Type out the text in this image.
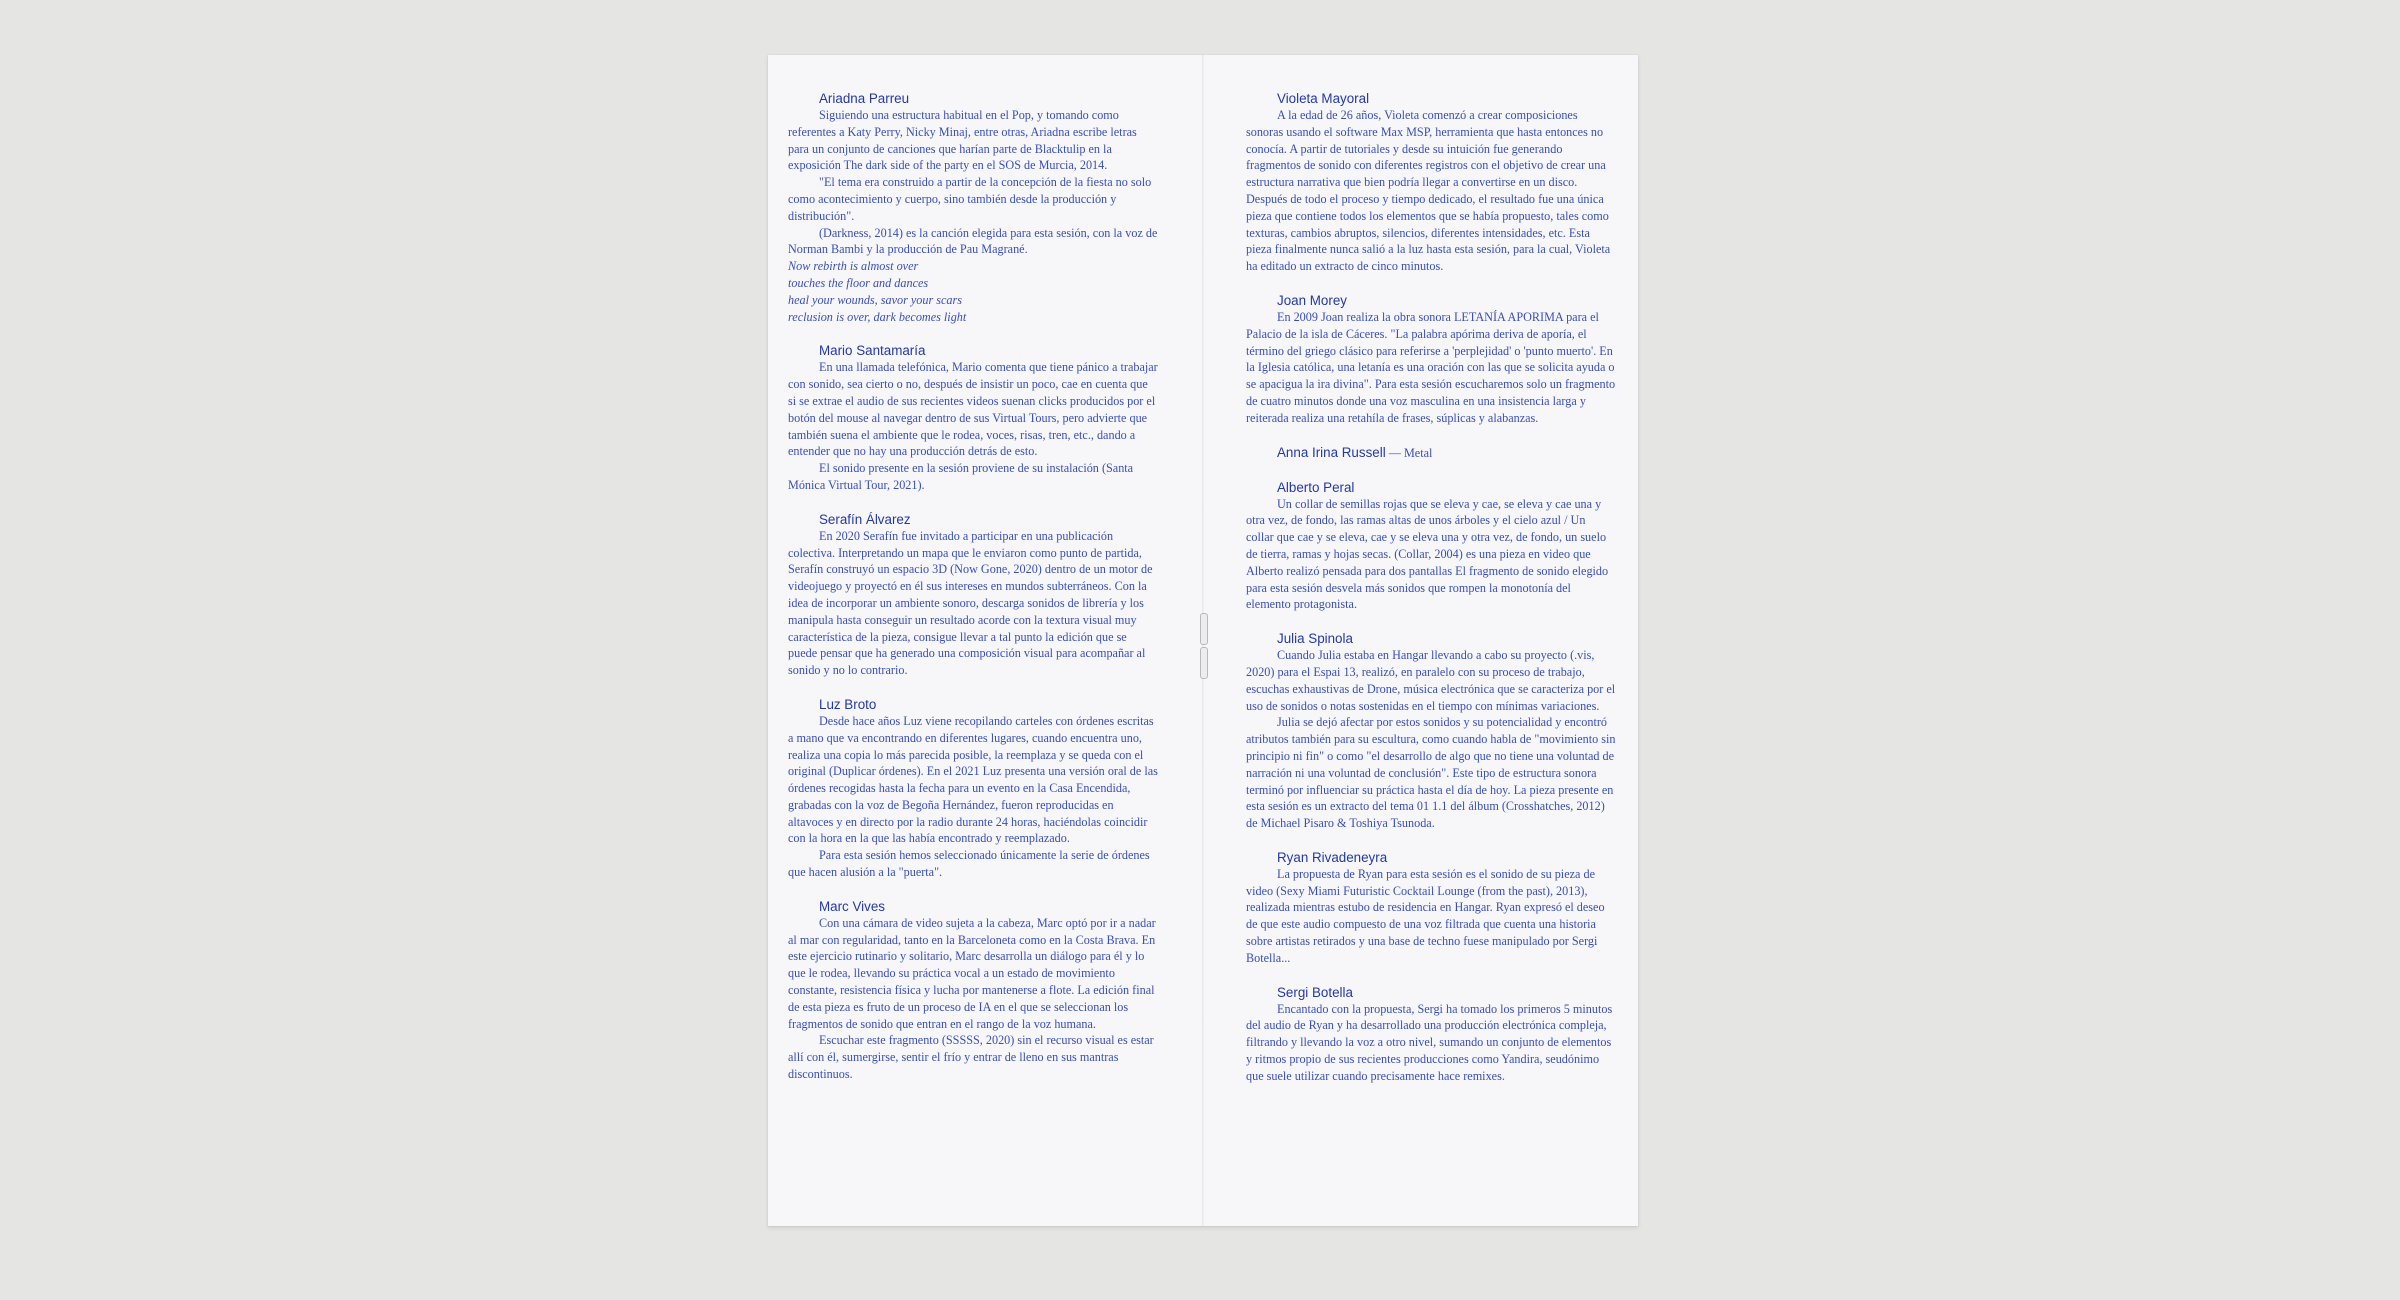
Ariadna Parreu

Siguiendo una estructura habitual en el Pop, y tomando como referentes a Katy Perry, Nicky Minaj, entre otras, Ariadna escribe letras para un conjunto de canciones que harían parte de Blacktulip en la exposición The dark side of the party en el SOS de Murcia, 2014.

"El tema era construido a partir de la concepción de la fiesta no solo como acontecimiento y cuerpo, sino también desde la producción y distribución".

(Darkness, 2014) es la canción elegida para esta sesión, con la voz de Norman Bambi y la producción de Pau Magrané.

Now rebirth is almost over
touches the floor and dances
heal your wounds, savor your scars
reclusion is over, dark becomes light
Mario Santamaría

En una llamada telefónica, Mario comenta que tiene pánico a trabajar con sonido, sea cierto o no, después de insistir un poco, cae en cuenta que si se extrae el audio de sus recientes videos suenan clicks producidos por el botón del mouse al navegar dentro de sus Virtual Tours, pero advierte que también suena el ambiente que le rodea, voces, risas, tren, etc., dando a entender que no hay una producción detrás de esto.

El sonido presente en la sesión proviene de su instalación (Santa Mónica Virtual Tour, 2021).

Serafín Álvarez

En 2020 Serafín fue invitado a participar en una publicación colectiva. Interpretando un mapa que le enviaron como punto de partida, Serafín construyó un espacio 3D (Now Gone, 2020) dentro de un motor de videojuego y proyectó en él sus intereses en mundos subterráneos. Con la idea de incorporar un ambiente sonoro, descarga sonidos de librería y los manipula hasta conseguir un resultado acorde con la textura visual muy característica de la pieza, consigue llevar a tal punto la edición que se puede pensar que ha generado una composición visual para acompañar al sonido y no lo contrario.

Luz Broto

Desde hace años Luz viene recopilando carteles con órdenes escritas a mano que va encontrando en diferentes lugares, cuando encuentra uno, realiza una copia lo más parecida posible, la reemplaza y se queda con el original (Duplicar órdenes). En el 2021 Luz presenta una versión oral de las órdenes recogidas hasta la fecha para un evento en la Casa Encendida, grabadas con la voz de Begoña Hernández, fueron reproducidas en altavoces y en directo por la radio durante 24 horas, haciéndolas coincidir con la hora en la que las había encontrado y reemplazado.

Para esta sesión hemos seleccionado únicamente la serie de órdenes que hacen alusión a la "puerta".

Marc Vives

Con una cámara de video sujeta a la cabeza, Marc optó por ir a nadar al mar con regularidad, tanto en la Barceloneta como en la Costa Brava. En este ejercicio rutinario y solitario, Marc desarrolla un diálogo para él y lo que le rodea, llevando su práctica vocal a un estado de movimiento constante, resistencia física y lucha por mantenerse a flote. La edición final de esta pieza es fruto de un proceso de IA en el que se seleccionan los fragmentos de sonido que entran en el rango de la voz humana.

Escuchar este fragmento (SSSSS, 2020) sin el recurso visual es estar allí con él, sumergirse, sentir el frío y entrar de lleno en sus mantras discontinuos.

Violeta Mayoral

A la edad de 26 años, Violeta comenzó a crear composiciones sonoras usando el software Max MSP, herramienta que hasta entonces no conocía. A partir de tutoriales y desde su intuición fue generando fragmentos de sonido con diferentes registros con el objetivo de crear una estructura narrativa que bien podría llegar a convertirse en un disco. Después de todo el proceso y tiempo dedicado, el resultado fue una única pieza que contiene todos los elementos que se había propuesto, tales como texturas, cambios abruptos, silencios, diferentes intensidades, etc. Esta pieza finalmente nunca salió a la luz hasta esta sesión, para la cual, Violeta ha editado un extracto de cinco minutos.

Joan Morey

En 2009 Joan realiza la obra sonora LETANÍA APORIMA para el Palacio de la isla de Cáceres. "La palabra apórima deriva de aporía, el término del griego clásico para referirse a 'perplejidad' o 'punto muerto'. En la Iglesia católica, una letanía es una oración con las que se solicita ayuda o se apacigua la ira divina". Para esta sesión escucharemos solo un fragmento de cuatro minutos donde una voz masculina en una insistencia larga y reiterada realiza una retahíla de frases, súplicas y alabanzas.

Anna Irina Russell — Metal
Alberto Peral

Un collar de semillas rojas que se eleva y cae, se eleva y cae una y otra vez, de fondo, las ramas altas de unos árboles y el cielo azul / Un collar que cae y se eleva, cae y se eleva una y otra vez, de fondo, un suelo de tierra, ramas y hojas secas. (Collar, 2004) es una pieza en video que Alberto realizó pensada para dos pantallas El fragmento de sonido elegido para esta sesión desvela más sonidos que rompen la monotonía del elemento protagonista.

Julia Spinola

Cuando Julia estaba en Hangar llevando a cabo su proyecto (.vis, 2020) para el Espai 13, realizó, en paralelo con su proceso de trabajo, escuchas exhaustivas de Drone, música electrónica que se caracteriza por el uso de sonidos o notas sostenidas en el tiempo con mínimas variaciones.

Julia se dejó afectar por estos sonidos y su potencialidad y encontró atributos también para su escultura, como cuando habla de "movimiento sin principio ni fin" o como "el desarrollo de algo que no tiene una voluntad de narración ni una voluntad de conclusión". Este tipo de estructura sonora terminó por influenciar su práctica hasta el día de hoy. La pieza presente en esta sesión es un extracto del tema 01 1.1 del álbum (Crosshatches, 2012) de Michael Pisaro & Toshiya Tsunoda.

Ryan Rivadeneyra

La propuesta de Ryan para esta sesión es el sonido de su pieza de video (Sexy Miami Futuristic Cocktail Lounge (from the past), 2013), realizada mientras estubo de residencia en Hangar. Ryan expresó el deseo de que este audio compuesto de una voz filtrada que cuenta una historia sobre artistas retirados y una base de techno fuese manipulado por Sergi Botella...

Sergi Botella

Encantado con la propuesta, Sergi ha tomado los primeros 5 minutos del audio de Ryan y ha desarrollado una producción electrónica compleja, filtrando y llevando la voz a otro nivel, sumando un conjunto de elementos y ritmos propio de sus recientes producciones como Yandira, seudónimo que suele utilizar cuando precisamente hace remixes.
